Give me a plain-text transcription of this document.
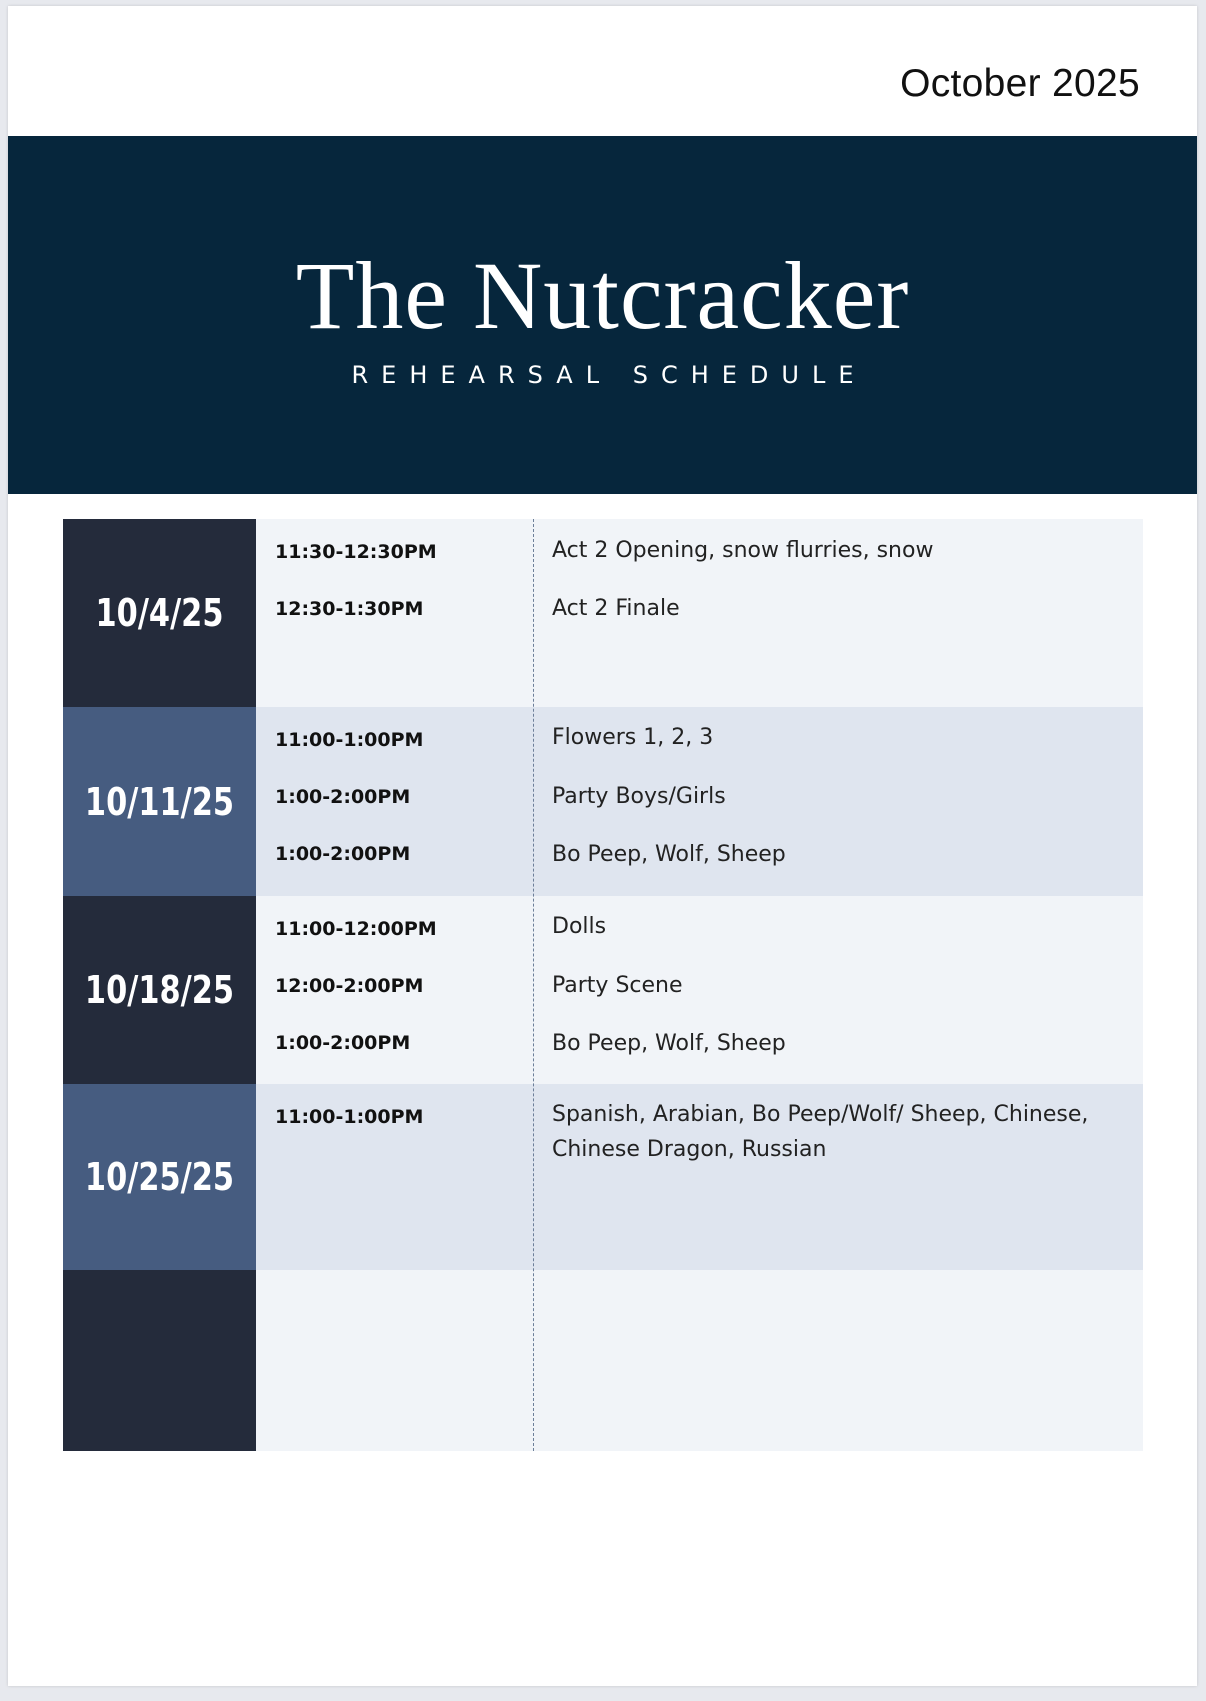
October 2025
The Nutcracker
REHEARSAL SCHEDULE
10/4/25
11:30-12:30PM
12:30-1:30PM
Act 2 Opening, snow flurries, snow
Act 2 Finale
10/11/25
11:00-1:00PM
1:00-2:00PM
1:00-2:00PM
Flowers 1, 2, 3
Party Boys/Girls
Bo Peep, Wolf, Sheep
10/18/25
11:00-12:00PM
12:00-2:00PM
1:00-2:00PM
Dolls
Party Scene
Bo Peep, Wolf, Sheep
10/25/25
11:00-1:00PM	Spanish, Arabian, Bo Peep/Wolf/ Sheep, Chinese, Chinese Dragon, Russian
